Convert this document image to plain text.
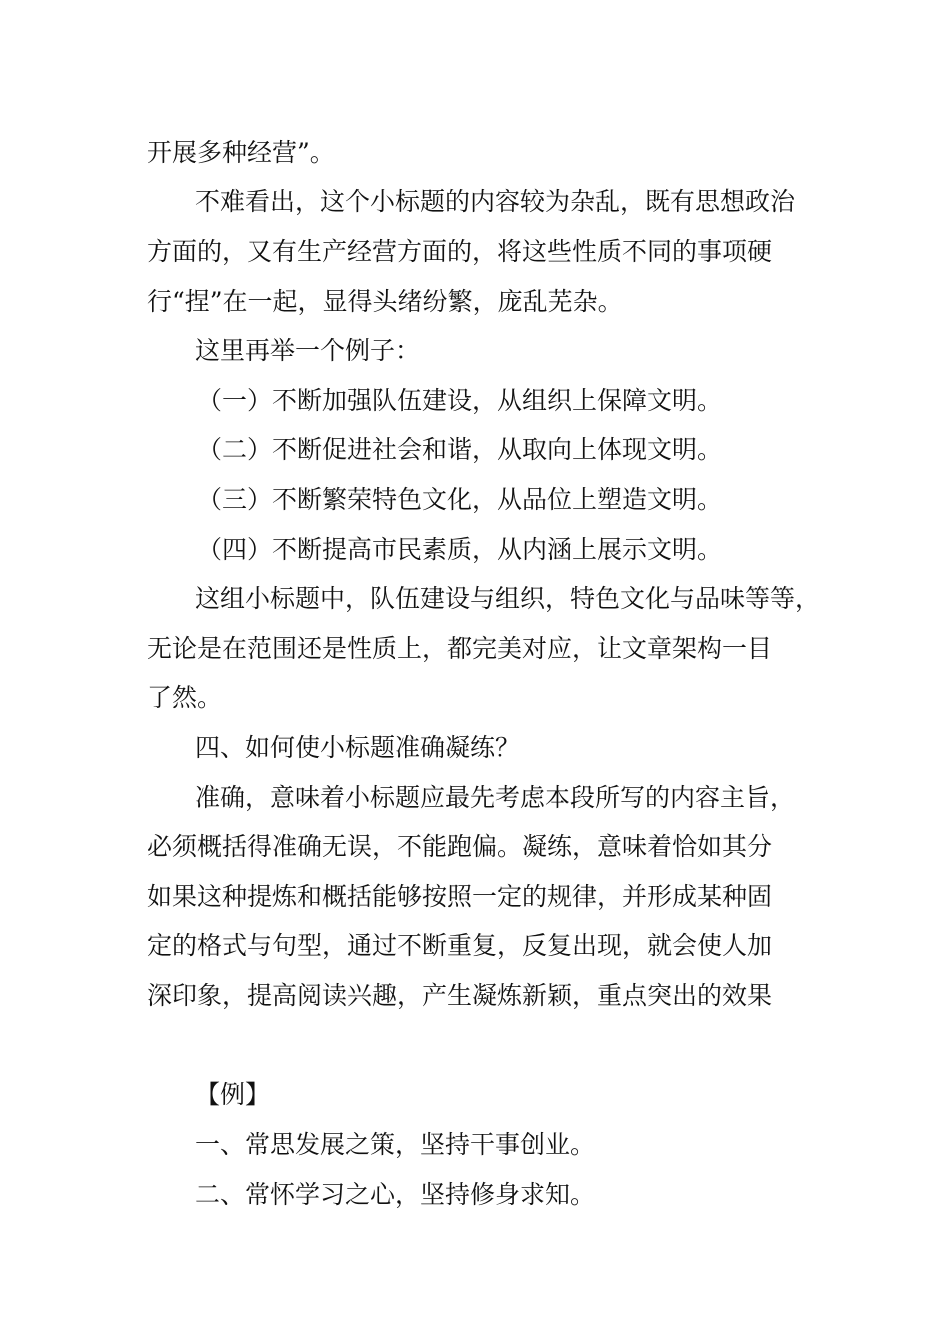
开展多种经营”。

不难看出，这个小标题的内容较为杂乱，既有思想政治

方面的，又有生产经营方面的，将这些性质不同的事项硬

行“捏”在一起，显得头绪纷繁，庞乱芜杂。

这里再举一个例子：

（一）不断加强队伍建设，从组织上保障文明。

（二）不断促进社会和谐，从取向上体现文明。

（三）不断繁荣特色文化，从品位上塑造文明。

（四）不断提高市民素质，从内涵上展示文明。

这组小标题中，队伍建设与组织，特色文化与品味等等，

无论是在范围还是性质上，都完美对应，让文章架构一目

了然。

四、如何使小标题准确凝练？

准确，意味着小标题应最先考虑本段所写的内容主旨，

必须概括得准确无误，不能跑偏。凝练，意味着恰如其分

如果这种提炼和概括能够按照一定的规律，并形成某种固

定的格式与句型，通过不断重复，反复出现，就会使人加

深印象，提高阅读兴趣，产生凝炼新颖，重点突出的效果

【例】

一、常思发展之策，坚持干事创业。

二、常怀学习之心，坚持修身求知。
